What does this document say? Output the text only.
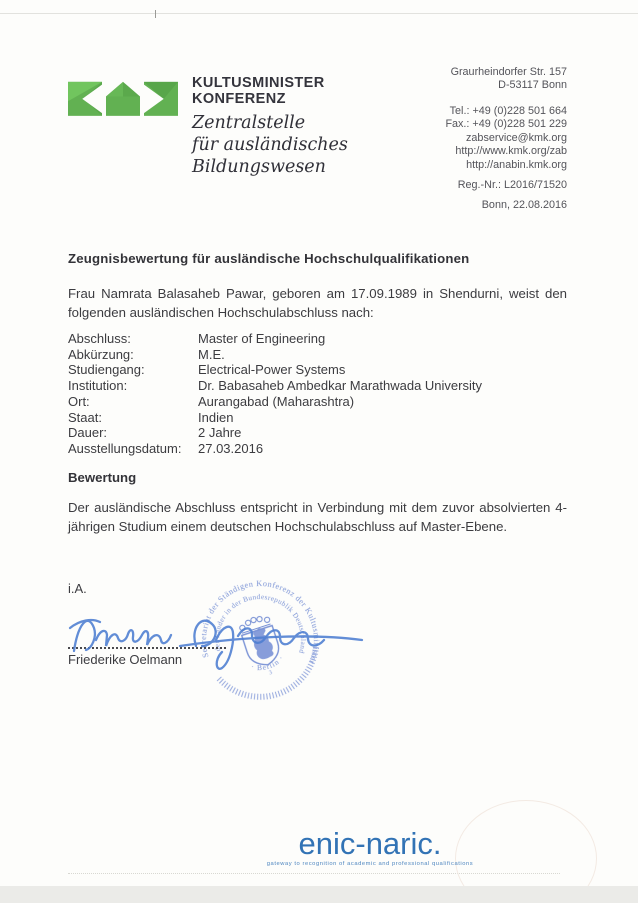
KULTUSMINISTER
KONFERENZ
Zentralstelle
für ausländisches
Bildungswesen
Graurheindorfer Str. 157
D-53117 Bonn
Tel.: +49 (0)228 501 664
Fax.: +49 (0)228 501 229
zabservice@kmk.org
http://www.kmk.org/zab
http://anabin.kmk.org
Reg.-Nr.: L2016/71520
Bonn, 22.08.2016
Zeugnisbewertung für ausländische Hochschulqualifikationen
Frau Namrata Balasaheb Pawar, geboren am 17.09.1989 in Shendurni, weist den folgenden ausländischen Hochschulabschluss nach:
Abschluss:	Master of Engineering
Abkürzung:	M.E.
Studiengang:	Electrical-Power Systems
Institution:	Dr. Babasaheb Ambedkar Marathwada University
Ort:	Aurangabad (Maharashtra)
Staat:	Indien
Dauer:	2 Jahre
Ausstellungsdatum:	27.03.2016
Bewertung
Der ausländische Abschluss entspricht in Verbindung mit dem zuvor absolvierten 4-jährigen Studium einem deutschen Hochschulabschluss auf Master-Ebene.
i.A.
Sekretariat der Ständigen Konferenz der Kultusminister
der Länder in der Bundesrepublik Deutschland
· Berlin ·
3
Friederike Oelmann
enic-naric.
gateway to recognition of academic and professional qualifications
